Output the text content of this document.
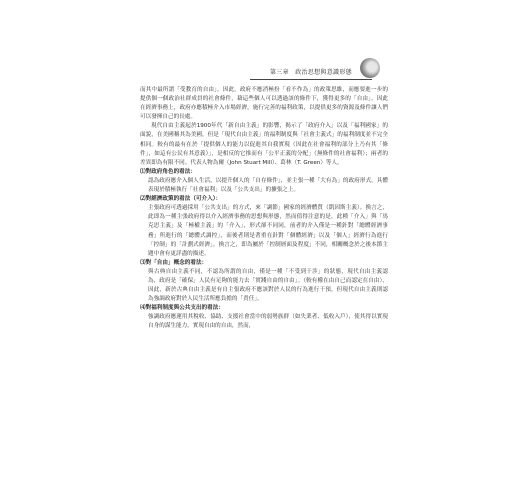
第三章　 政治思想與意識形態

而其中最所謂「受教育的自由」。因此，政府不應消極扮「看不作為」的政策思維，而應要進一步的提供個一個政治社群成員的社會條件，藉這些個人可以透過該的條件下，獲得更多的「自由」。因此在經濟事務上，政府亦應積極介入市場經濟，施行完善的福利政策，以提供更多的資源及條件讓人們可以發揮自己的長處。

現代自由主義起於1900年代「新自由主義」的影響，揭示了「政府介入」以及「福利國家」的面貌，在美國稱其為美國，但是「現代自由主義」的福利制度與「社會主義式」的福利制度並不完全相同。較有的最有在於「提供個人的能力以促進其自我實現（因此在社會福利的部分上乃有其「條件」，如這有公民有其意義）」，是相反的它推而有「公平正義的分配」（無條件的社會福利）；兩者的差異即為有限不同。代表人物為爾（John Stuart Mill）、葛林（T. Green）等人。

⑴對政府角色的看法：

認為政府應介入個人生活，以提升個人的「自存條件」，並主張一種「大有為」的政府形式，具體表現於積極執行「社會福利」以及「公共支出」的擴張之上。

⑵對經濟政策的看法（可介入）：

主張政府可透過採用「公共支出」的方式，來「調節」國家的經濟體質（凱因斯主義）。換言之，此即為一種主張政府得以介入經濟事務的思想與形態，然而值得注意的是，此種「介入」與「馬克思主義」及「極權主義」的「介入」，形式卻不同同，前者的介入僅是一種針對「總體經濟事務」所進行的「總體式調控」，而後者則是著重在針對「個體經濟」以及「個人」經濟行為進行「控制」的「計劃式經濟」。換言之，即為屬於「控制層面及程度」不同，相關概念於之後本節主題中會有更詳盡的描述。

⑶對「自由」概念的看法：

與古典自由主義不同，不認為所謂的自由，僅是一種「不受到干涉」的狀態，現代自由主義認為，政府是「確保」人民有足夠的能力去「實踐自由的自由」。（較有權在由自己而認定在自由），因此，新於古典自由主義是有自主張政府不應該對於人民的行為進行干預，但現代自由主義則認為強調政府對於人民生活所應負擔的「責任」。

⑷對福利制度與公共支出的看法：

強調政府應運用其稅收、協助、支援社會當中的弱勢族群（如失業者、低收入戶），使其得以實現自身的謀生能力，實現自由的自由，然而，
